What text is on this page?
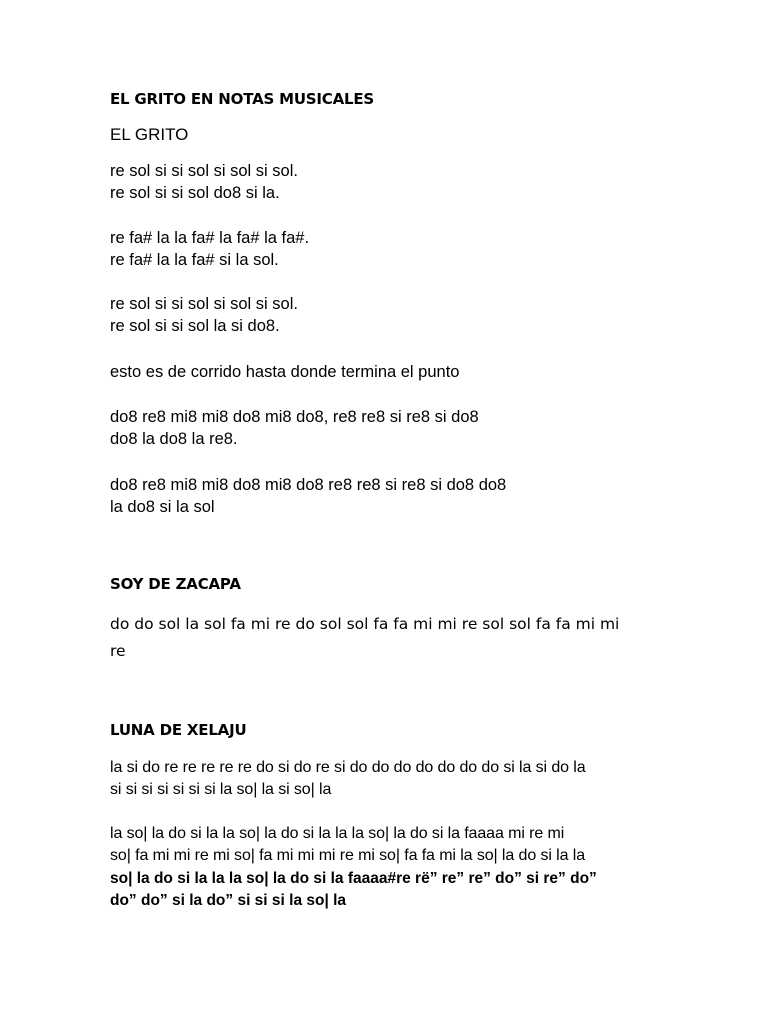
EL GRITO EN NOTAS MUSICALES
EL GRITO
re sol si si sol si sol si sol.
re sol si si sol do8 si la.
re fa# la la fa# la fa# la fa#.
re fa# la la fa# si la sol.
re sol si si sol si sol si sol.
re sol si si sol la si do8.
esto es de corrido hasta donde termina el punto
do8 re8 mi8 mi8 do8 mi8 do8, re8 re8 si re8 si do8
do8 la do8 la re8.
do8 re8 mi8 mi8 do8 mi8 do8 re8 re8 si re8 si do8 do8
la do8 si la sol
SOY DE ZACAPA
do do sol la sol fa mi re do sol sol fa fa mi mi re sol sol fa fa mi mi
re
LUNA DE XELAJU
la si do re re re re re do si do re si do do do do do do do si la si do la
si si si si si si si la so| la si so| la
la so| la do si la la so| la do si la la la so| la do si la faaaa mi re mi
so| fa mi mi re mi so| fa mi mi mi re mi so| fa fa mi la so| la do si la la
so| la do si la la la so| la do si la faaaa#re rë” re” re” do” si re” do”
do” do” si la do” si si si la so| la
